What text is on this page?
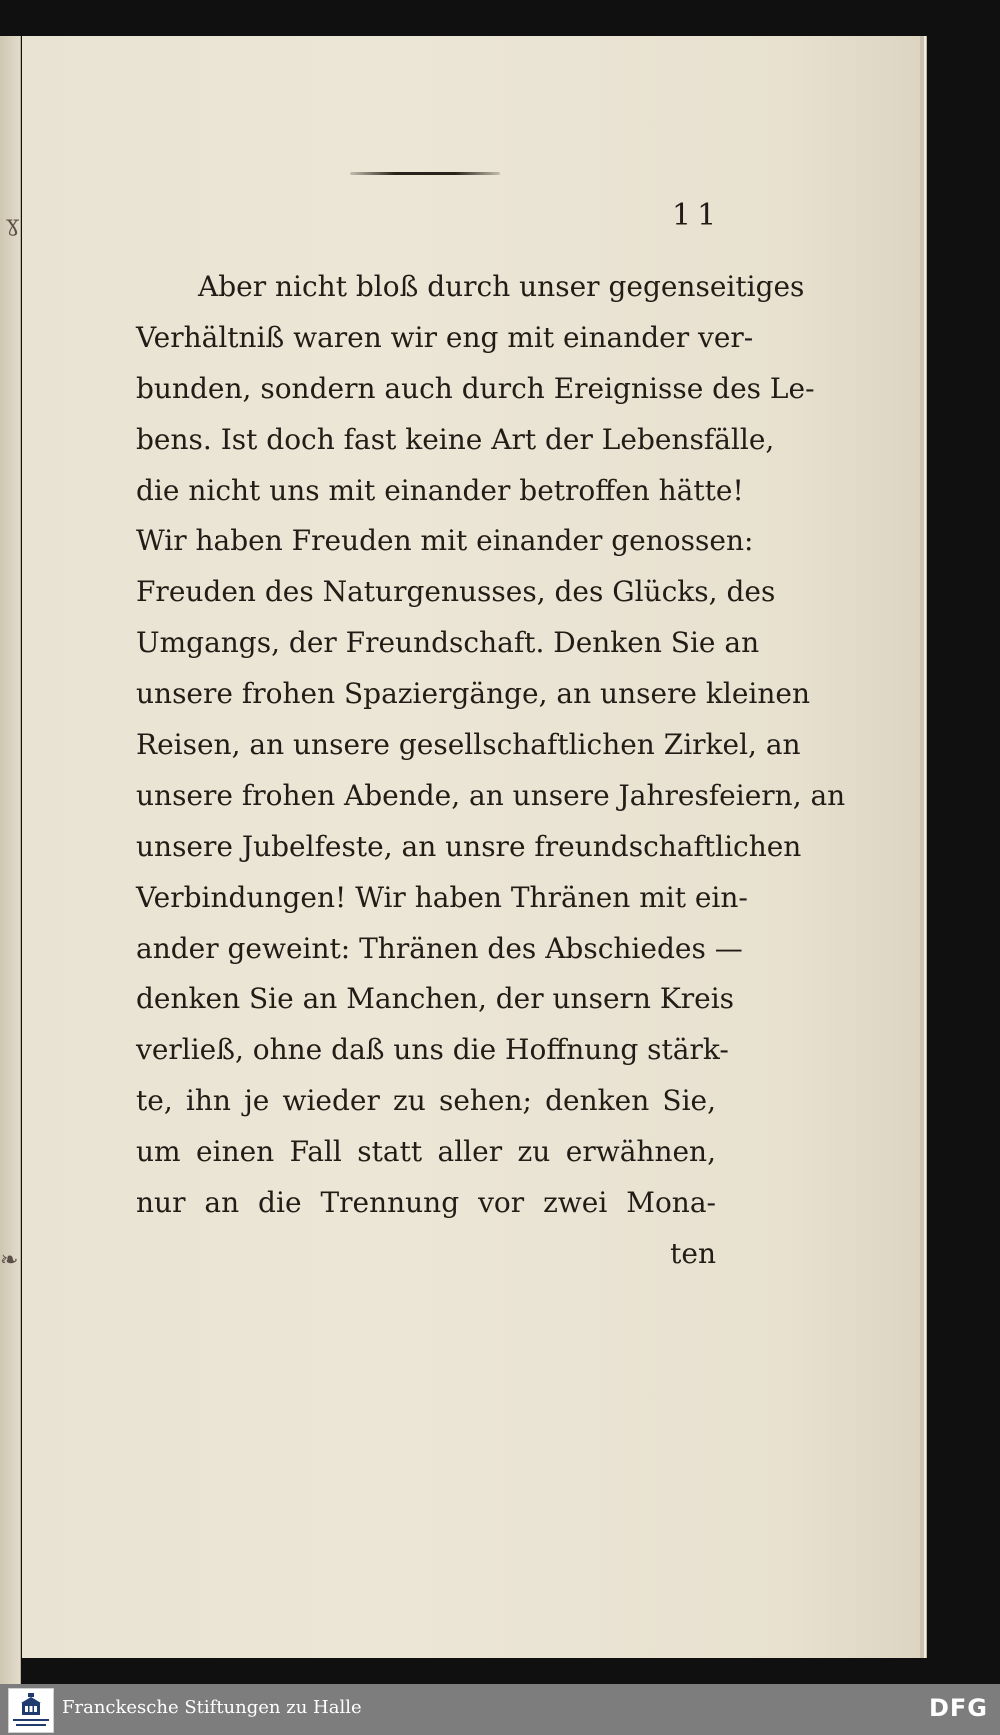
ɣ
❧
11
Aber nicht bloß durch unser gegenseitiges
Verhältniß waren wir eng mit einander ver-
bunden, sondern auch durch Ereignisse des Le-
bens. Ist doch fast keine Art der Lebensfälle,
die nicht uns mit einander betroffen hätte!
Wir haben Freuden mit einander genossen:
Freuden des Naturgenusses, des Glücks, des
Umgangs, der Freundschaft. Denken Sie an
unsere frohen Spaziergänge, an unsere kleinen
Reisen, an unsere gesellschaftlichen Zirkel, an
unsere frohen Abende, an unsere Jahresfeiern, an
unsere Jubelfeste, an unsre freundschaftlichen
Verbindungen! Wir haben Thränen mit ein-
ander geweint: Thränen des Abschiedes —
denken Sie an Manchen, der unsern Kreis
verließ, ohne daß uns die Hoffnung stärk-
te, ihn je wieder zu sehen; denken Sie,
um einen Fall statt aller zu erwähnen,
nur an die Trennung vor zwei Mona-
ten
Franckesche Stiftungen zu Halle	DFG
